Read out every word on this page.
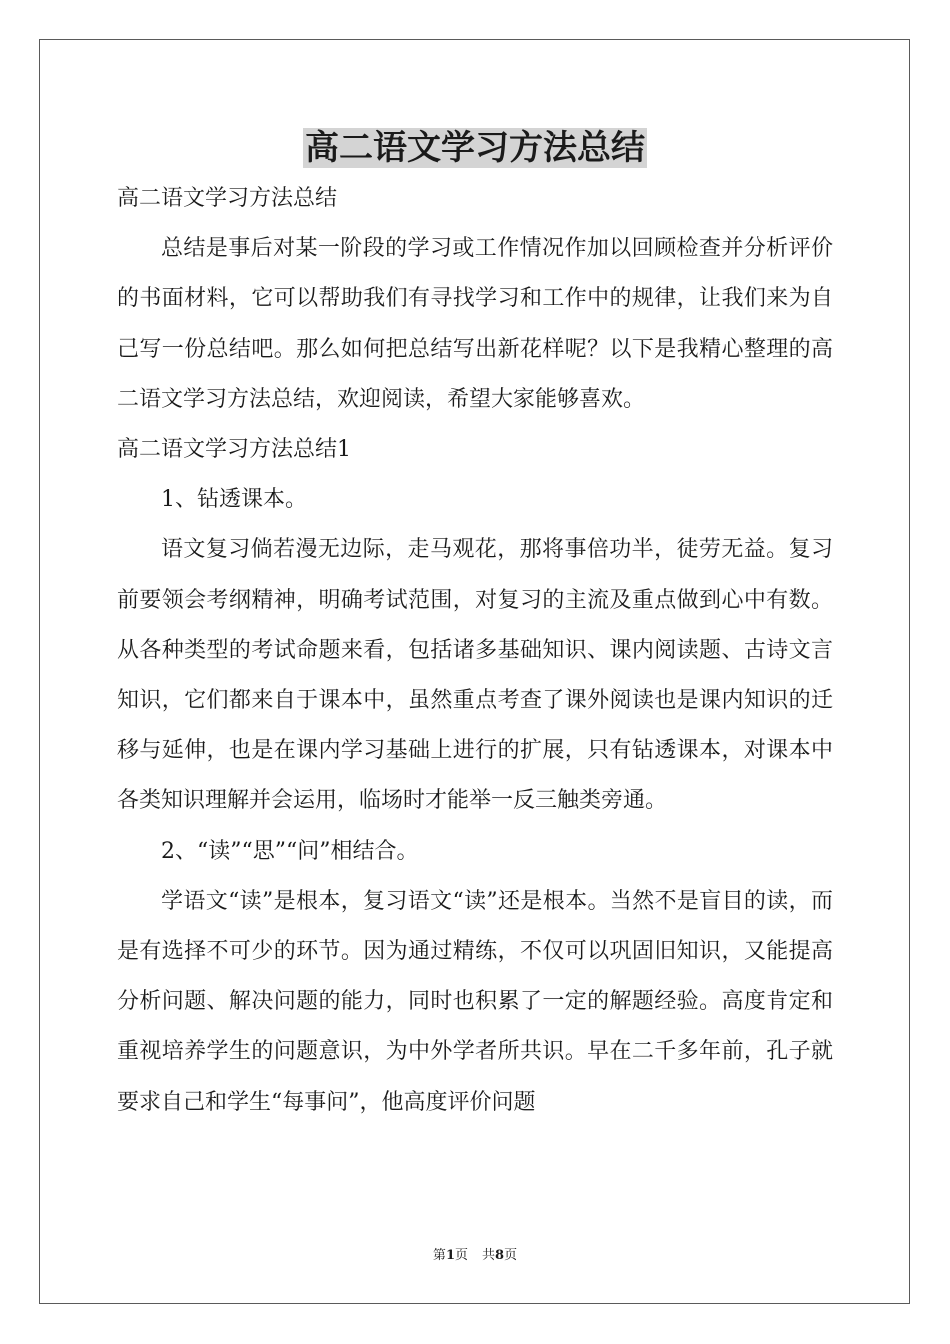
高二语文学习方法总结

高二语文学习方法总结

总结是事后对某一阶段的学习或工作情况作加以回顾检查并分析评价的书面材料，它可以帮助我们有寻找学习和工作中的规律，让我们来为自己写一份总结吧。那么如何把总结写出新花样呢？以下是我精心整理的高二语文学习方法总结，欢迎阅读，希望大家能够喜欢。

高二语文学习方法总结1

1、钻透课本。

语文复习倘若漫无边际，走马观花，那将事倍功半，徒劳无益。复习前要领会考纲精神，明确考试范围，对复习的主流及重点做到心中有数。从各种类型的考试命题来看，包括诸多基础知识、课内阅读题、古诗文言知识，它们都来自于课本中，虽然重点考查了课外阅读也是课内知识的迁移与延伸，也是在课内学习基础上进行的扩展，只有钻透课本，对课本中各类知识理解并会运用，临场时才能举一反三触类旁通。

2、“读”“思”“问”相结合。

学语文“读”是根本，复习语文“读”还是根本。当然不是盲目的读，而是有选择不可少的环节。因为通过精练，不仅可以巩固旧知识，又能提高分析问题、解决问题的能力，同时也积累了一定的解题经验。高度肯定和重视培养学生的问题意识，为中外学者所共识。早在二千多年前，孔子就要求自己和学生“每事问”，他高度评价问题

第1页 共8页
